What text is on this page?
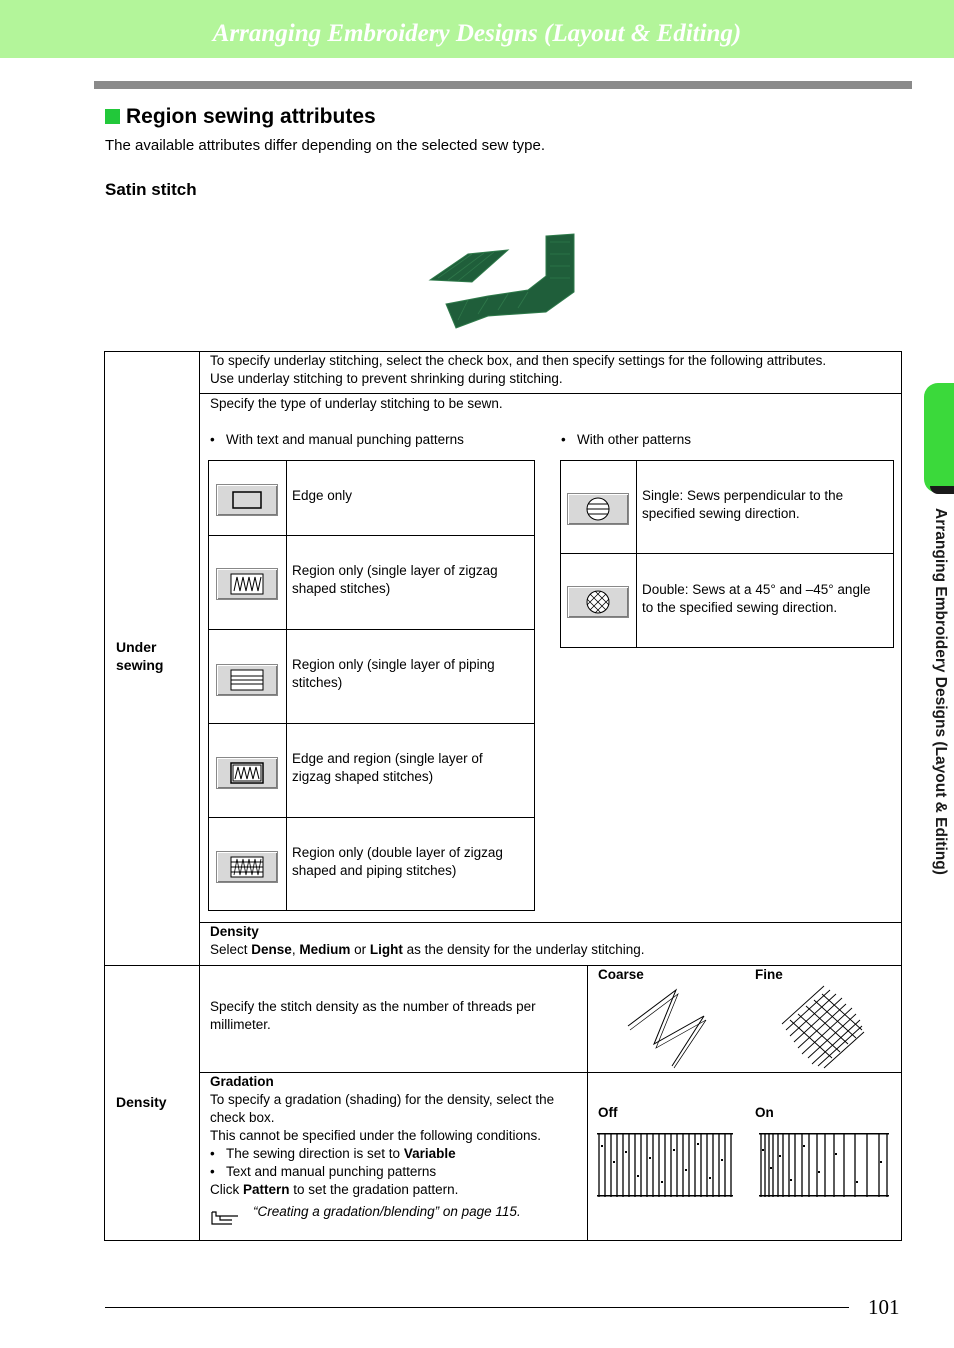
Arranging Embroidery Designs (Layout & Editing)
Region sewing attributes
The available attributes differ depending on the selected sew type.
Satin stitch
Under
sewing
To specify underlay stitching, select the check box, and then specify settings for the following attributes.
Use underlay stitching to prevent shrinking during stitching.
Specify the type of underlay stitching to be sewn.
•   With text and manual punching patterns	•   With other patterns
Edge only
Region only (single layer of zigzag
shaped stitches)
Region only (single layer of piping
stitches)
Edge and region (single layer of
zigzag shaped stitches)
Region only (double layer of zigzag
shaped and piping stitches)
Single: Sews perpendicular to the
specified sewing direction.
Double: Sews at a 45° and –45° angle
to the specified sewing direction.
Density
Select Dense, Medium or Light as the density for the underlay stitching.
Density
Specify the stitch density as the number of threads per
millimeter.
Coarse	Fine
Gradation
To specify a gradation (shading) for the density, select the
check box.
This cannot be specified under the following conditions.
•   The sewing direction is set to Variable
•   Text and manual punching patterns
Click Pattern to set the gradation pattern.
“Creating a gradation/blending” on page 115.
Off	On
Arranging Embroidery Designs (Layout & Editing)
101
